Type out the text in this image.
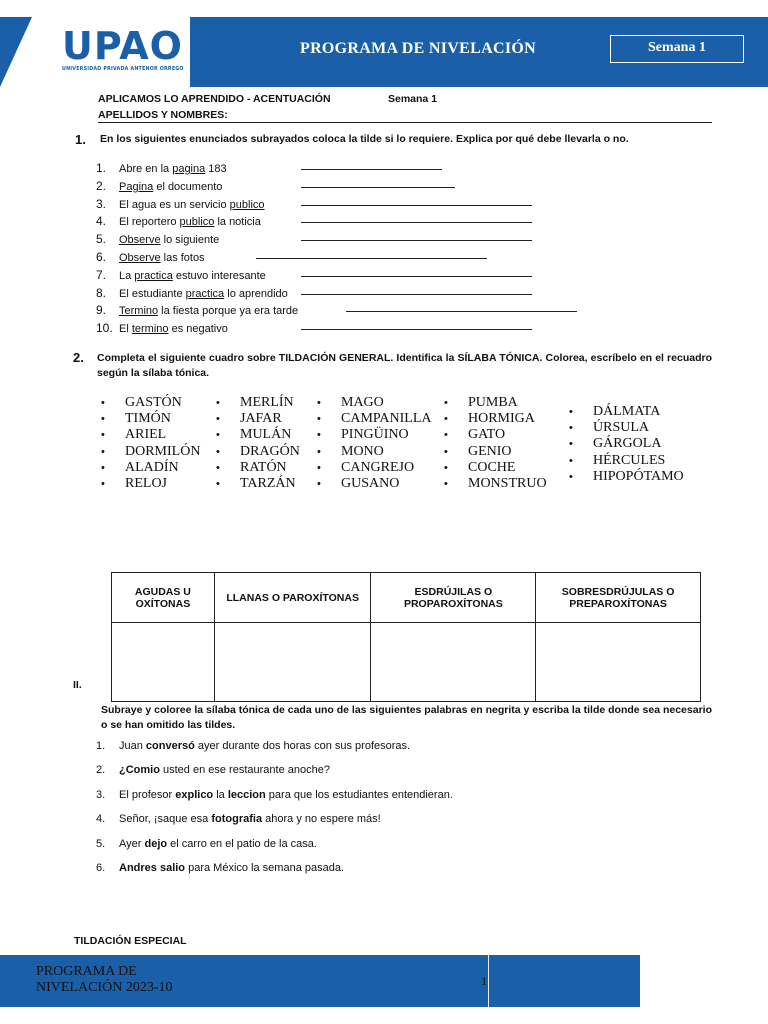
UPAO
UNIVERSIDAD PRIVADA ANTENOR ORREGO
PROGRAMA DE NIVELACIÓN	Semana 1
APLICAMOS LO APRENDIDO - ACENTUACIÓN	Semana 1
APELLIDOS Y NOMBRES:
1. En los siguientes enunciados subrayados coloca la tilde si lo requiere. Explica por qué debe llevarla o no.
1. Abre en la pagina 183
2. Pagina el documento
3. El agua es un servicio publico
4. El reportero publico la noticia
5. Observe lo siguiente
6. Observe las fotos
7. La practica estuvo interesante
8. El estudiante practica lo aprendido
9. Termino la fiesta porque ya era tarde
10. El termino es negativo
2. Completa el siguiente cuadro sobre TILDACIÓN GENERAL. Identifica la SÍLABA TÓNICA. Colorea, escríbelo en el recuadro según la sílaba tónica.
• GASTÓN
• TIMÓN
• ARIEL
• DORMILÓN
• ALADÍN
• RELOJ
• MERLÍN
• JAFAR
• MULÁN
• DRAGÓN
• RATÓN
• TARZÁN
• MAGO
• CAMPANILLA
• PINGÜINO
• MONO
• CANGREJO
• GUSANO
• PUMBA
• HORMIGA
• GATO
• GENIO
• COCHE
• MONSTRUO
• DÁLMATA
• ÚRSULA
• GÁRGOLA
• HÉRCULES
• HIPOPÓTAMO
AGUDAS U OXÍTONAS	LLANAS O PAROXÍTONAS	ESDRÚJILAS O PROPAROXÍTONAS	SOBRESDRÚJULAS O PREPAROXÍTONAS

II.
Subraye y coloree la sílaba tónica de cada uno de las siguientes palabras en negrita y escriba la tilde donde sea necesario o se han omitido las tildes.
1. Juan conversó ayer durante dos horas con sus profesoras.
2. ¿Comio usted en ese restaurante anoche?
3. El profesor explico la leccion para que los estudiantes entendieran.
4. Señor, ¡saque esa fotografia ahora y no espere más!
5. Ayer dejo el carro en el patio de la casa.
6. Andres salio para México la semana pasada.
TILDACIÓN ESPECIAL
PROGRAMA DE
NIVELACIÓN 2023-10	1
